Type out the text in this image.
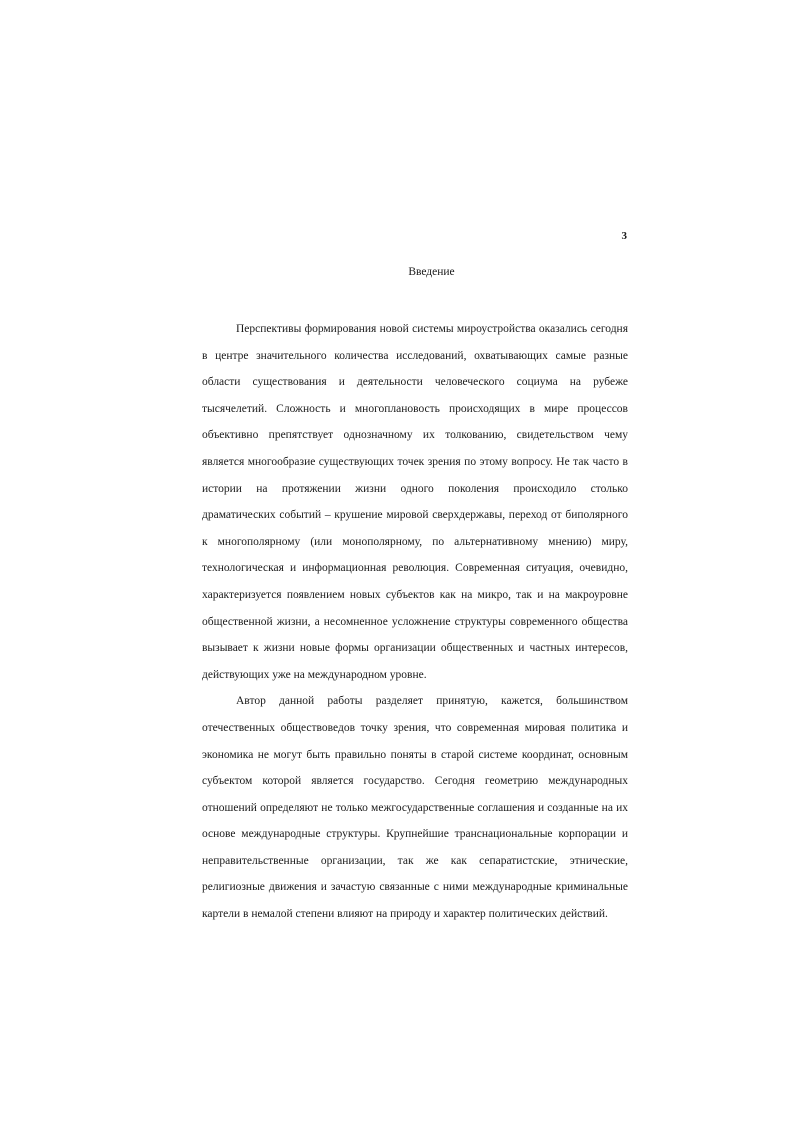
3
Введение

Перспективы формирования новой системы мироустройства оказались сегодня
в центре значительного количества исследований, охватывающих самые разные
области существования и деятельности человеческого социума на рубеже
тысячелетий. Сложность и многоплановость происходящих в мире процессов
объективно препятствует однозначному их толкованию, свидетельством чему
является многообразие существующих точек зрения по этому вопросу. Не так часто в
истории на протяжении жизни одного поколения происходило столько
драматических событий – крушение мировой сверхдержавы, переход от биполярного
к многополярному (или монополярному, по альтернативному мнению) миру,
технологическая и информационная революция. Современная ситуация, очевидно,
характеризуется появлением новых субъектов как на микро, так и на макроуровне
общественной жизни, а несомненное усложнение структуры современного общества
вызывает к жизни новые формы организации общественных и частных интересов,
действующих уже на международном уровне.

Автор данной работы разделяет принятую, кажется, большинством
отечественных обществоведов точку зрения, что современная мировая политика и
экономика не могут быть правильно поняты в старой системе координат, основным
субъектом которой является государство. Сегодня геометрию международных
отношений определяют не только межгосударственные соглашения и созданные на их
основе международные структуры. Крупнейшие транснациональные корпорации и
неправительственные организации, так же как сепаратистские, этнические,
религиозные движения и зачастую связанные с ними международные криминальные
картели в немалой степени влияют на природу и характер политических действий.
